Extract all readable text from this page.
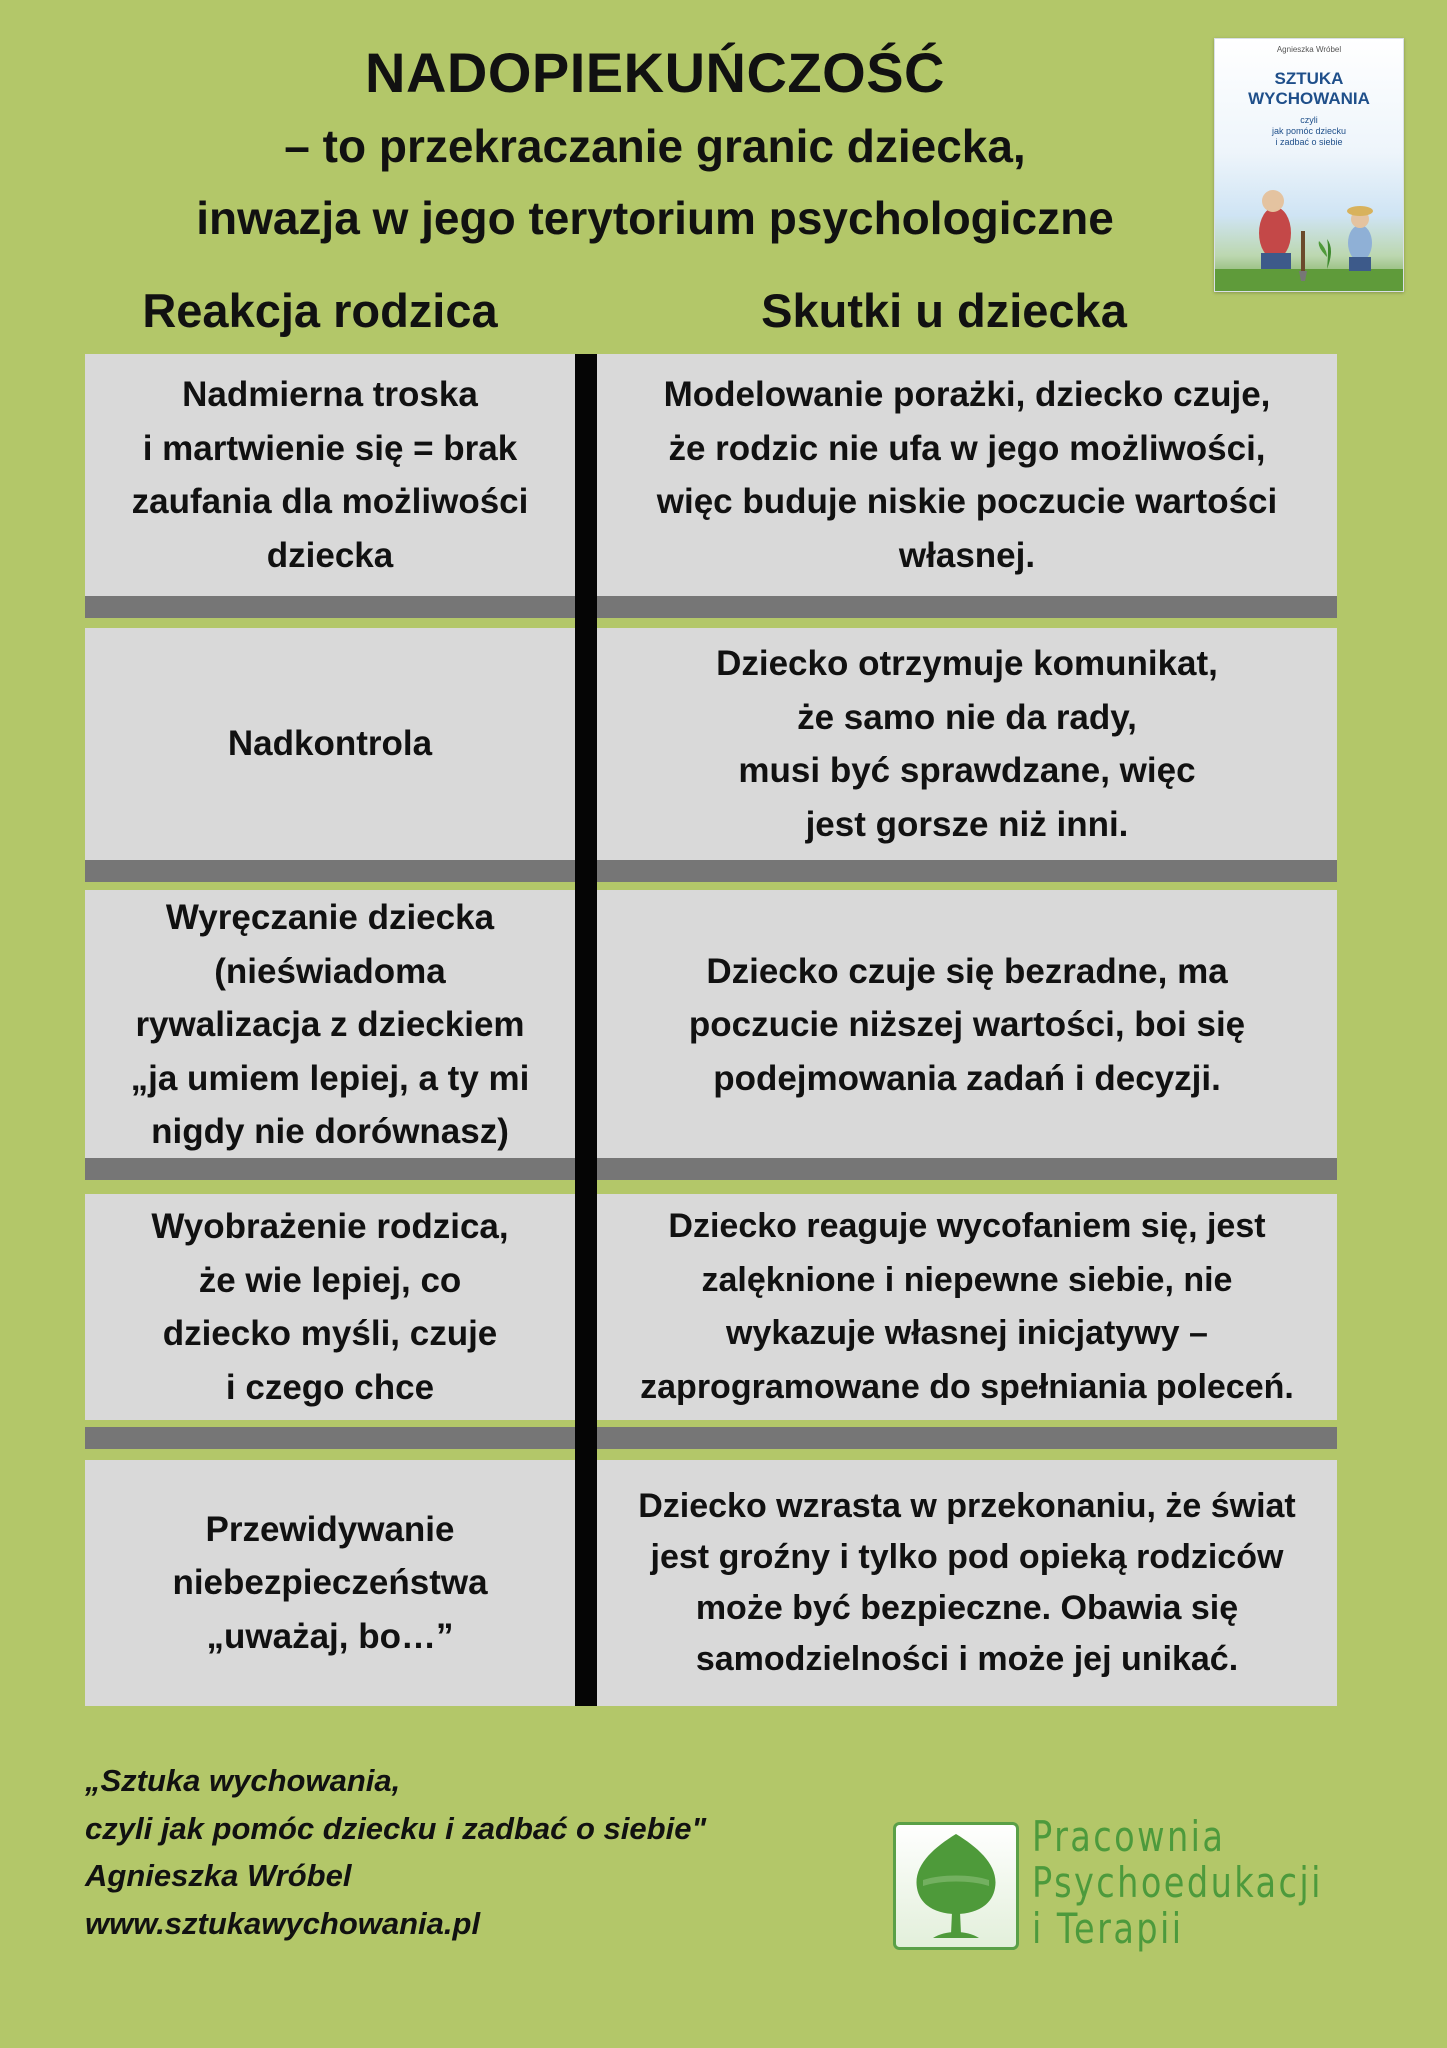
NADOPIEKUŃCZOŚĆ
– to przekraczanie granic dziecka,
inwazja w jego terytorium psychologiczne
Agnieszka Wróbel
SZTUKA
WYCHOWANIA
czyli
jak pomóc dziecku
i zadbać o siebie
Reakcja rodzica	Skutki u dziecka
Nadmierna troska
i martwienie się = brak
zaufania dla możliwości
dziecka
Modelowanie porażki, dziecko czuje,
że rodzic nie ufa w jego możliwości,
więc buduje niskie poczucie wartości
własnej.
Nadkontrola
Dziecko otrzymuje komunikat,
że samo nie da rady,
musi być sprawdzane, więc
jest gorsze niż inni.
Wyręczanie dziecka
(nieświadoma
rywalizacja z dzieckiem
„ja umiem lepiej, a ty mi
nigdy nie dorównasz)
Dziecko czuje się bezradne, ma
poczucie niższej wartości, boi się
podejmowania zadań i decyzji.
Wyobrażenie rodzica,
że wie lepiej, co
dziecko myśli, czuje
i czego chce
Dziecko reaguje wycofaniem się, jest
zalęknione i niepewne siebie, nie
wykazuje własnej inicjatywy –
zaprogramowane do spełniania poleceń.
Przewidywanie
niebezpieczeństwa
„uważaj, bo…”
Dziecko wzrasta w przekonaniu, że świat
jest groźny i tylko pod opieką rodziców
może być bezpieczne. Obawia się
samodzielności i może jej unikać.
„Sztuka wychowania,
czyli jak pomóc dziecku i zadbać o siebie"
Agnieszka Wróbel
www.sztukawychowania.pl
Pracownia
Psychoedukacji
i Terapii
